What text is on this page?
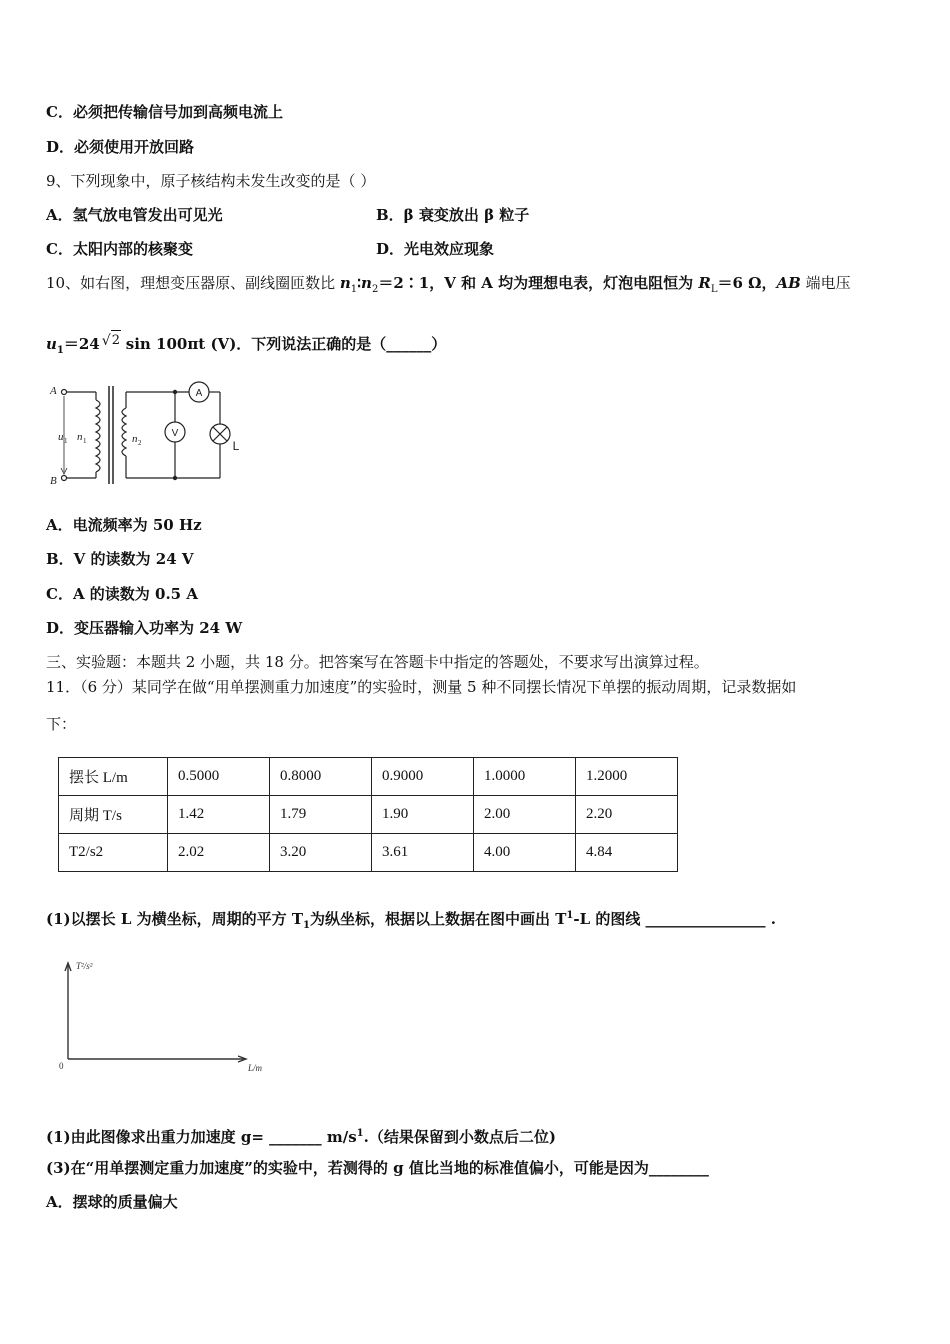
C．必须把传输信号加到高频电流上
D．必须使用开放回路
9、下列现象中，原子核结构未发生改变的是（ ）
A．氢气放电管发出可见光	B．β 衰变放出 β 粒子
C．太阳内部的核聚变	D．光电效应现象
10、如右图，理想变压器原、副线圈匝数比 $n_1∶n_2=2∶1$，V 和 A 均为理想电表，灯泡电阻恒为 $R_L=6$ Ω，AB 端电压
$u_1=24$ √ 2 sin 100πt (V)．下列说法正确的是（______）
A
B
u 1 n 1	n 2
A
V
L
A．电流频率为 50 Hz
B．V 的读数为 24 V
C．A 的读数为 0.5 A
D．变压器输入功率为 24 W
三、实验题：本题共 2 小题，共 18 分。把答案写在答题卡中指定的答题处，不要求写出演算过程。
11．（6 分）某同学在做“用单摆测重力加速度”的实验时，测量 5 种不同摆长情况下单摆的振动周期，记录数据如
下：
摆长 L/m	0.5000	0.8000	0.9000	1.0000	1.2000
周期 T/s	1.42	1.79	1.90	2.00	2.20
T2/s2	2.02	3.20	3.61	4.00	4.84
(1)以摆长 L 为横坐标，周期的平方 $T_1$为纵坐标，根据以上数据在图中画出 $T^1-L$ 的图线 ________________ .
T²/s²
L/m
0
(1)由此图像求出重力加速度 g= _______ $m/s^1$.（结果保留到小数点后二位)
(3)在“用单摆测定重力加速度”的实验中，若测得的 g 值比当地的标准值偏小，可能是因为________
A．摆球的质量偏大
